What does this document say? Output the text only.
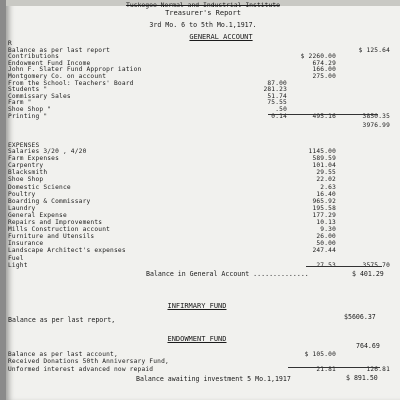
Tuskegee Normal and Industrial Institute
Treasurer's Report
3rd Mo. 6 to 5th Mo.1,1917.
GENERAL ACCOUNT
R
Balance as per last report	$ 125.64
Contributions	$ 2260.00
Endowment Fund Income	674.29
John F. Slater Fund Appropr iation	166.00
Montgomery Co. on account	275.00
From the School: Teachers' Board	87.00
Students "	281.23
Commissary Sales	51.74
Farm "	75.55
Shoe Shop "	.50
Printing "	0.14	495.16	3850.35
3976.99
EXPENSES
Salaries 3/20 , 4/20	1145.00
Farm Expenses	589.59
Carpentry	101.04
Blacksmith	29.55
Shoe Shop	22.02
Domestic Science	2.63
Poultry	16.40
Boarding & Commissary	965.92
Laundry	195.58
General Expense	177.29
Repairs and Improvements	10.13
Mills Construction account	9.30
Furniture and Utensils	26.00
Insurance	50.00
Landscape Architect's expenses	247.44
Fuel
Light	27.53	3575.70
Balance in General Account ..............	$ 401.29
INFIRMARY FUND
Balance as per last report,	$5606.37
ENDOWMENT FUND
764.69
Balance as per last account,	$ 105.00
Received Donations 50th Anniversary Fund,
Unformed interest advanced now repaid	21.81	126.81
Balance awaiting investment 5 Mo.1,1917	$ 891.50
